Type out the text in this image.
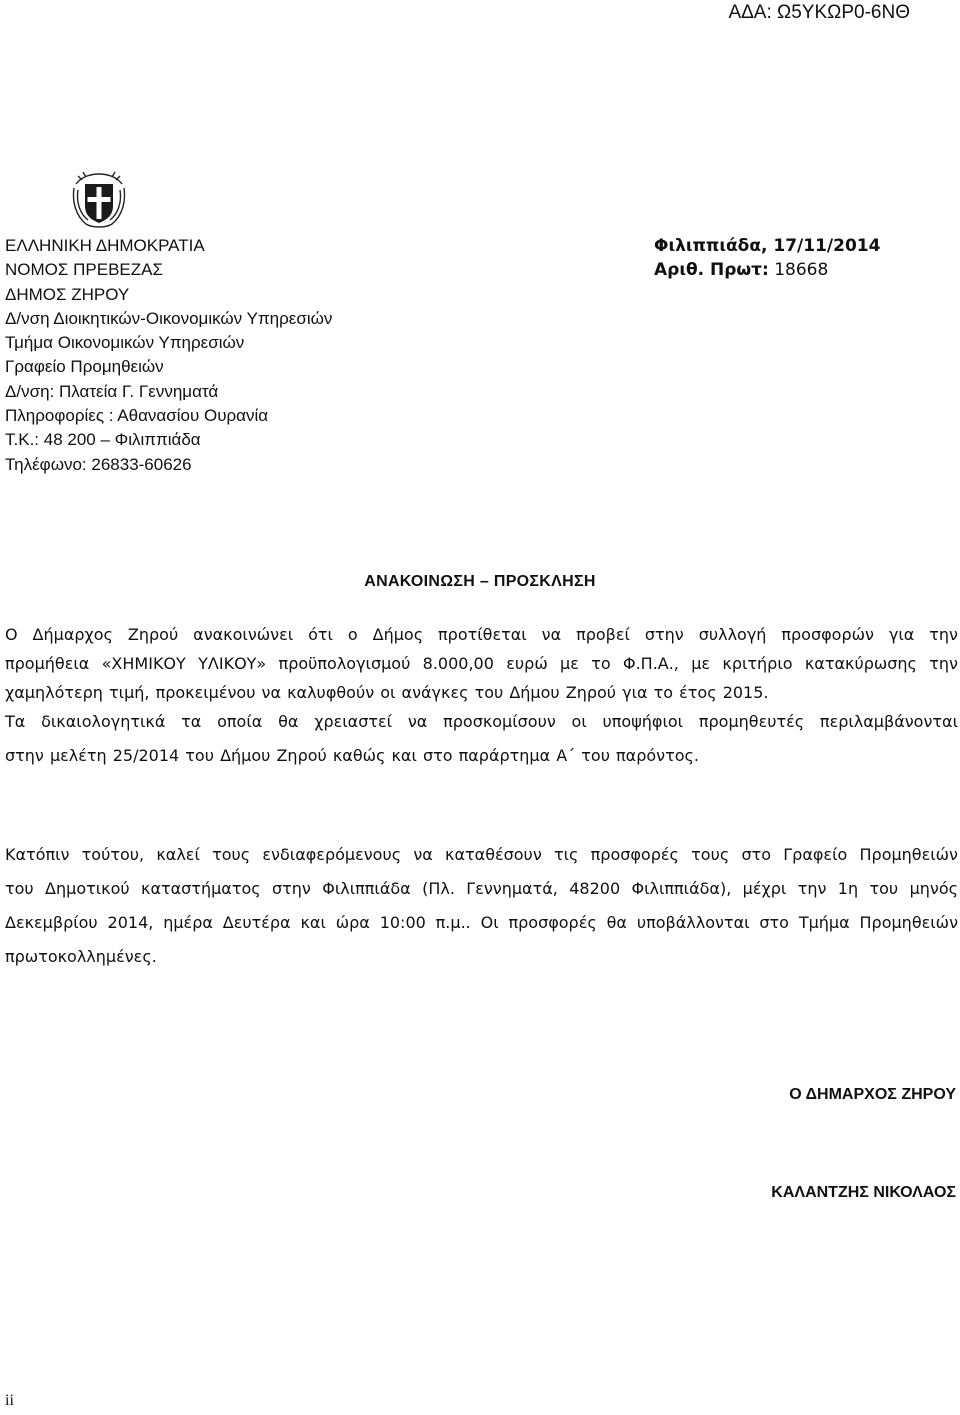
ΑΔΑ: Ω5ΥΚΩΡ0-6ΝΘ
ΕΛΛΗΝΙΚΗ ΔΗΜΟΚΡΑΤΙΑ
ΝΟΜΟΣ ΠΡΕΒΕΖΑΣ
ΔΗΜΟΣ ΖΗΡΟΥ
Δ/νση Διοικητικών-Οικονομικών Υπηρεσιών
Τμήμα Οικονομικών Υπηρεσιών
Γραφείο Προμηθειών
Δ/νση: Πλατεία Γ. Γεννηματά
Πληροφορίες : Αθανασίου Ουρανία
Τ.Κ.: 48 200 – Φιλιππιάδα
Τηλέφωνο: 26833-60626
Φιλιππιάδα, 17/11/2014
Αριθ. Πρωτ: 18668
ΑΝΑΚΟΙΝΩΣΗ – ΠΡΟΣΚΛΗΣΗ
Ο Δήμαρχος Ζηρού ανακοινώνει ότι ο Δήμος προτίθεται να προβεί στην συλλογή προσφορών για την
προμήθεια «ΧΗΜΙΚΟΥ ΥΛΙΚΟΥ» προϋπολογισμού 8.000,00 ευρώ με το Φ.Π.Α., με κριτήριο κατακύρωσης την
χαμηλότερη τιμή, προκειμένου να καλυφθούν οι ανάγκες του Δήμου Ζηρού για το έτος 2015.
Τα δικαιολογητικά τα οποία θα χρειαστεί να προσκομίσουν οι υποψήφιοι προμηθευτές περιλαμβάνονται
στην μελέτη 25/2014 του Δήμου Ζηρού καθώς και στο παράρτημα Α΄ του παρόντος.
Κατόπιν τούτου, καλεί τους ενδιαφερόμενους να καταθέσουν τις προσφορές τους στο Γραφείο Προμηθειών
του Δημοτικού καταστήματος στην Φιλιππιάδα (Πλ. Γεννηματά, 48200 Φιλιππιάδα), μέχρι την 1η του μηνός
Δεκεμβρίου 2014, ημέρα Δευτέρα και ώρα 10:00 π.μ.. Οι προσφορές θα υποβάλλονται στο Τμήμα Προμηθειών
πρωτοκολλημένες.
Ο ΔΗΜΑΡΧΟΣ ΖΗΡΟΥ
ΚΑΛΑΝΤΖΗΣ ΝΙΚΟΛΑΟΣ
ii
